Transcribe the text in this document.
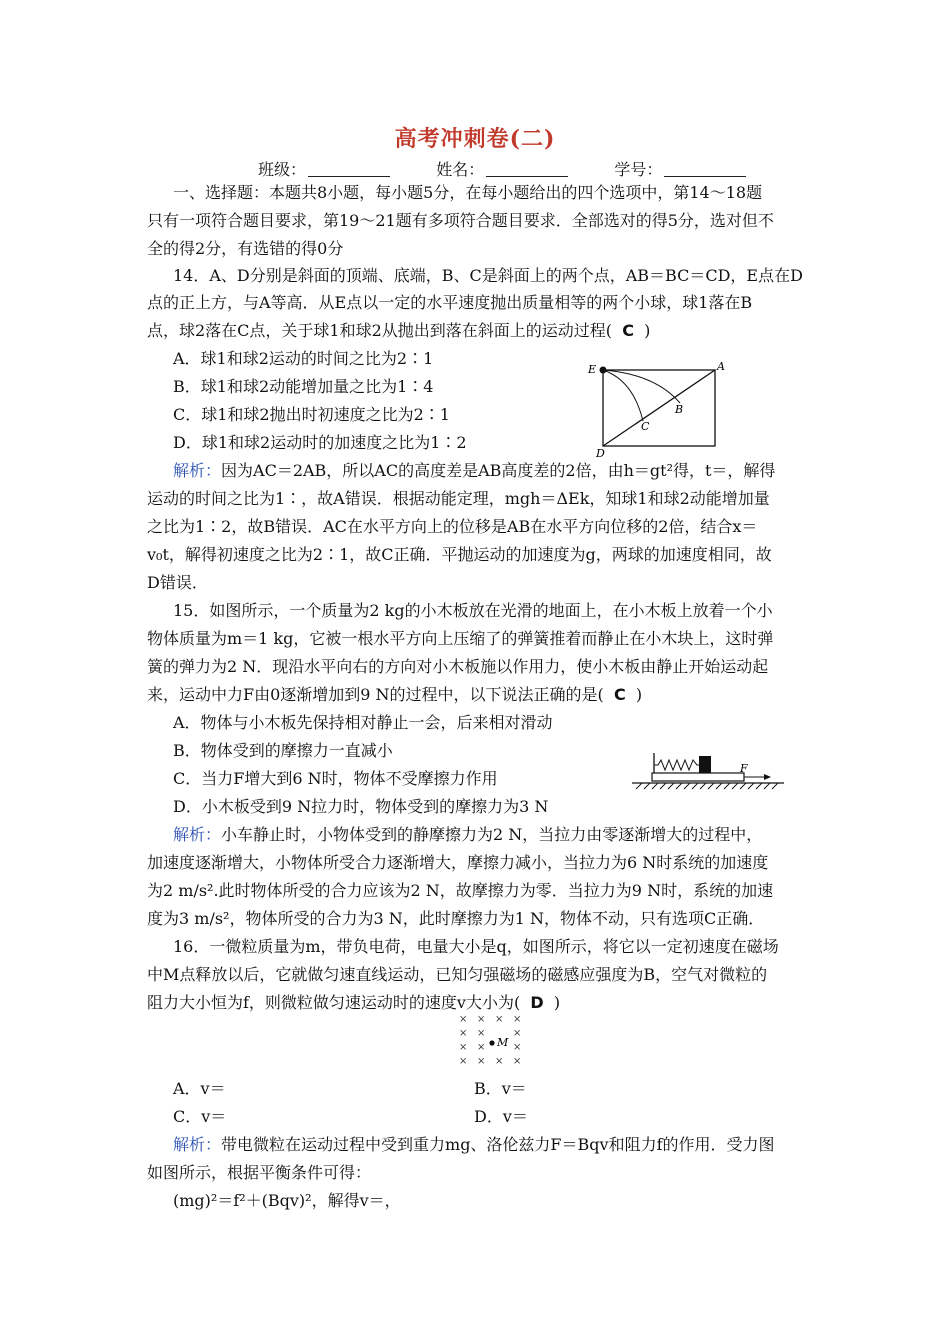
高考冲刺卷(二)
班级：	姓名：	学号：
一、选择题：本题共8小题，每小题5分，在每小题给出的四个选项中，第14～18题
只有一项符合题目要求，第19～21题有多项符合题目要求．全部选对的得5分，选对但不
全的得2分，有选错的得0分
14．A、D分别是斜面的顶端、底端，B、C是斜面上的两个点，AB＝BC＝CD，E点在D
点的正上方，与A等高．从E点以一定的水平速度抛出质量相等的两个小球，球1落在B
点，球2落在C点，关于球1和球2从抛出到落在斜面上的运动过程( C )
A．球1和球2运动的时间之比为2∶1
B．球1和球2动能增加量之比为1∶4
C．球1和球2抛出时初速度之比为2∶1
D．球1和球2运动时的加速度之比为1∶2
E	A
B
C
D
解析：因为AC＝2AB，所以AC的高度差是AB高度差的2倍，由h＝gt²得，t＝，解得
运动的时间之比为1∶，故A错误．根据动能定理，mgh＝ΔEk，知球1和球2动能增加量
之比为1∶2，故B错误．AC在水平方向上的位移是AB在水平方向位移的2倍，结合x＝
v₀t，解得初速度之比为2∶1，故C正确．平抛运动的加速度为g，两球的加速度相同，故
D错误．
15．如图所示，一个质量为2 kg的小木板放在光滑的地面上，在小木板上放着一个小
物体质量为m＝1 kg，它被一根水平方向上压缩了的弹簧推着而静止在小木块上，这时弹
簧的弹力为2 N．现沿水平向右的方向对小木板施以作用力，使小木板由静止开始运动起
来，运动中力F由0逐渐增加到9 N的过程中，以下说法正确的是( C )
A．物体与小木板先保持相对静止一会，后来相对滑动
B．物体受到的摩擦力一直减小
C．当力F增大到6 N时，物体不受摩擦力作用
D．小木板受到9 N拉力时，物体受到的摩擦力为3 N
F
解析：小车静止时，小物体受到的静摩擦力为2 N，当拉力由零逐渐增大的过程中，
加速度逐渐增大，小物体所受合力逐渐增大，摩擦力减小，当拉力为6 N时系统的加速度
为2 m/s².此时物体所受的合力应该为2 N，故摩擦力为零．当拉力为9 N时，系统的加速
度为3 m/s²，物体所受的合力为3 N，此时摩擦力为1 N，物体不动，只有选项C正确．
16．一微粒质量为m，带负电荷，电量大小是q，如图所示，将它以一定初速度在磁场
中M点释放以后，它就做匀速直线运动，已知匀强磁场的磁感应强度为B，空气对微粒的
阻力大小恒为f，则微粒做匀速运动时的速度v大小为( D )
× × × ×
× ×	×
× ×	×
× × × ×
M
A．v＝	B．v＝
C．v＝	D．v＝
解析：带电微粒在运动过程中受到重力mg、洛伦兹力F＝Bqv和阻力f的作用．受力图
如图所示，根据平衡条件可得：
(mg)²＝f²＋(Bqv)²，解得v＝，
